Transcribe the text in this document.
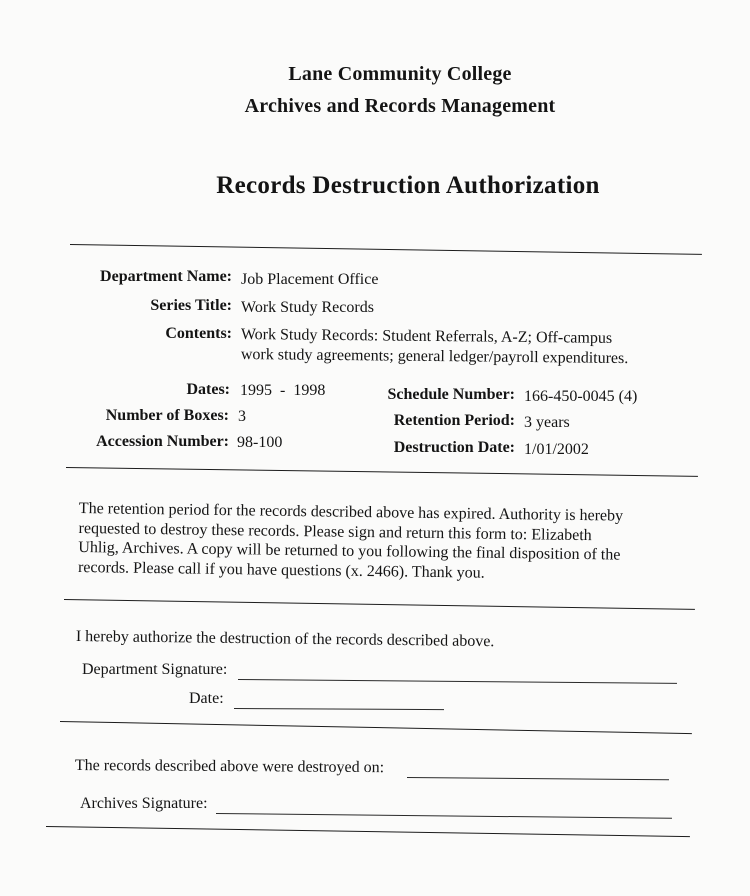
Lane Community College
Archives and Records Management
Records Destruction Authorization
Department Name: Job Placement Office
Series Title: Work Study Records
Contents: Work Study Records: Student Referrals, A-Z; Off-campus
work study agreements; general ledger/payroll expenditures.
Dates: 1995  -  1998
Number of Boxes: 3
Accession Number: 98-100
Schedule Number: 166-450-0045 (4)
Retention Period: 3 years
Destruction Date: 1/01/2002
The retention period for the records described above has expired. Authority is hereby
requested to destroy these records. Please sign and return this form to: Elizabeth
Uhlig, Archives. A copy will be returned to you following the final disposition of the
records. Please call if you have questions (x. 2466). Thank you.
I hereby authorize the destruction of the records described above.
Department Signature:
Date:
The records described above were destroyed on:
Archives Signature:
